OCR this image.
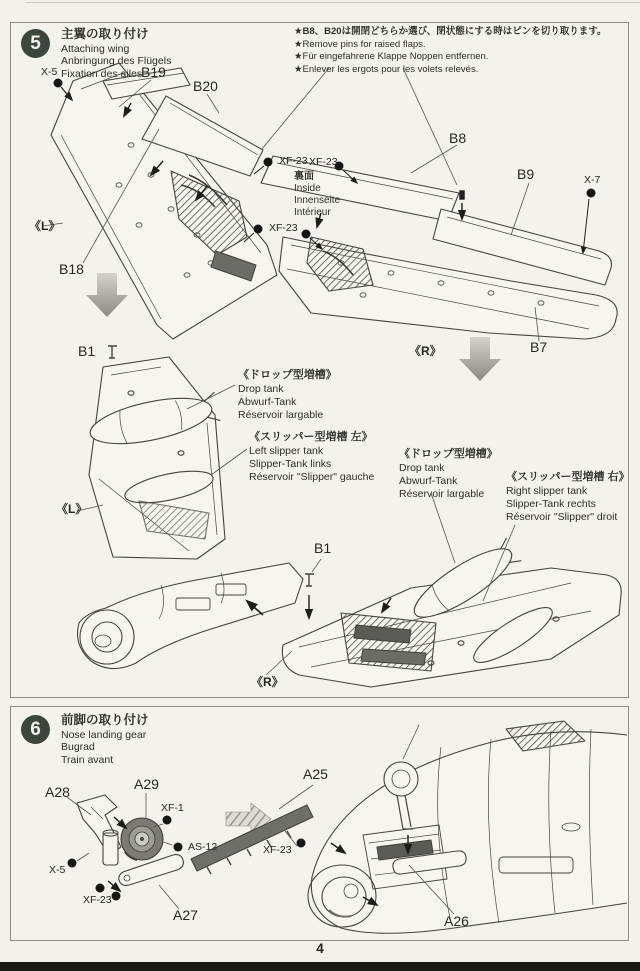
5	主翼の取り付け
Attaching wing
Anbringung des Flügels
Fixation des ailes
★B8、B20は開閉どちらか選び、閉状態にする時はピンを切り取ります。
★Remove pins for raised flaps.
★Für eingefahrene Klappe Noppen entfernen.
★Enlever les ergots pour les volets relevés.
X-5	B19
B20
B8
B9	X-7
XF-23 XF-23
裏面
Inside
Innenseite
Intérieur
XF-23
《L》
B18
《R》	B7
B1
《ドロップ型増槽》
Drop tank
Abwurf-Tank
Réservoir largable
《スリッパー型増槽 左》
Left slipper tank
Slipper-Tank links
Réservoir "Slipper" gauche
《ドロップ型増槽》
Drop tank
Abwurf-Tank
Réservoir largable
《スリッパー型増槽 右》
Right slipper tank
Slipper-Tank rechts
Réservoir "Slipper" droit
《L》
B1
《R》
6	前脚の取り付け
Nose landing gear
Bugrad
Train avant
A28	A29
XF-1
AS-12
X-5
XF-23
A27
A25
XF-23
A26
4
